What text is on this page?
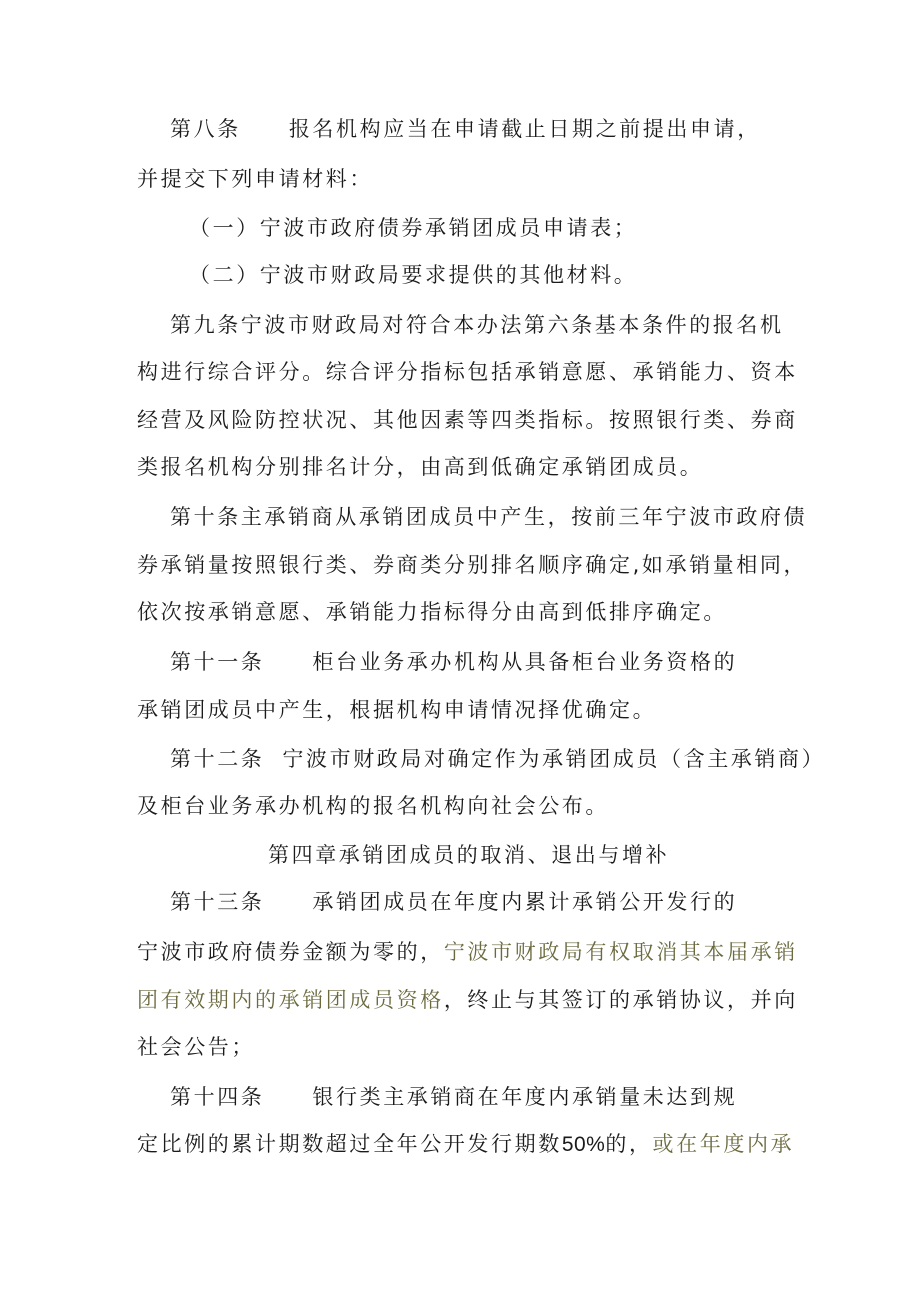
第八条 报名机构应当在申请截止日期之前提出申请，
并提交下列申请材料：
（一）宁波市政府债券承销团成员申请表；
（二）宁波市财政局要求提供的其他材料。
第九条宁波市财政局对符合本办法第六条基本条件的报名机
构进行综合评分。综合评分指标包括承销意愿、承销能力、资本
经营及风险防控状况、其他因素等四类指标。按照银行类、券商
类报名机构分别排名计分，由高到低确定承销团成员。
第十条主承销商从承销团成员中产生，按前三年宁波市政府债
券承销量按照银行类、券商类分别排名顺序确定,如承销量相同，
依次按承销意愿、承销能力指标得分由高到低排序确定。
第十一条 柜台业务承办机构从具备柜台业务资格的
承销团成员中产生，根据机构申请情况择优确定。
第十二条 宁波市财政局对确定作为承销团成员（含主承销商）
及柜台业务承办机构的报名机构向社会公布。
第四章承销团成员的取消、退出与增补
第十三条 承销团成员在年度内累计承销公开发行的
宁波市政府债券金额为零的，宁波市财政局有权取消其本届承销
团有效期内的承销团成员资格，终止与其签订的承销协议，并向
社会公告；
第十四条 银行类主承销商在年度内承销量未达到规
定比例的累计期数超过全年公开发行期数50%的，或在年度内承
